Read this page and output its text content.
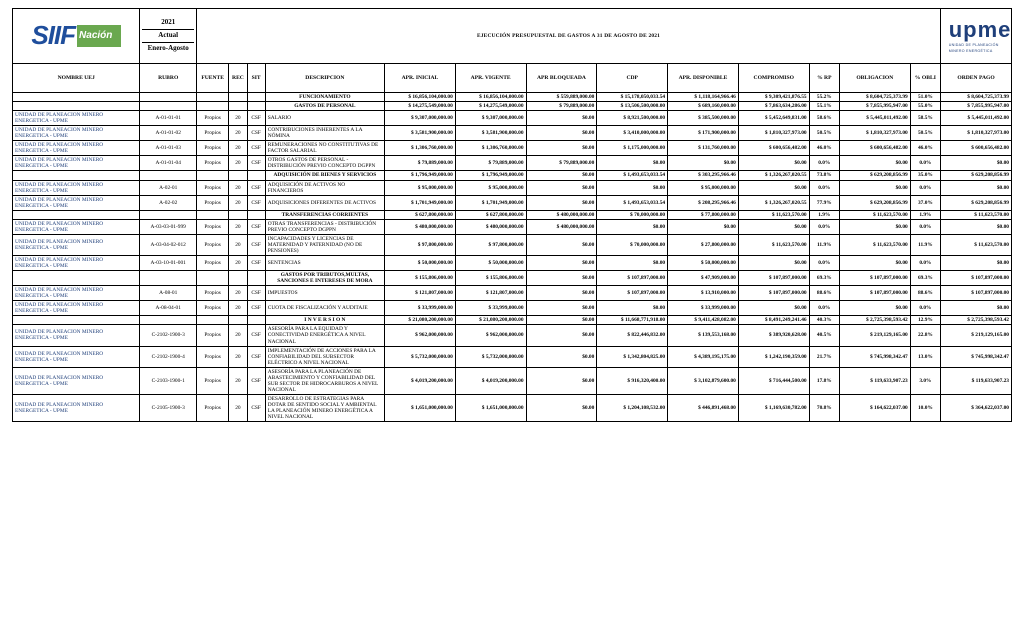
SIIF Nación

2021
Actual
Enero-Agosto
	EJECUCIÓN PRESUPUESTAL DE GASTOS A 31 DE AGOSTO DE 2021	upme
UNIDAD DE PLANEACIÓN MINERO ENERGÉTICA

NOMBRE UEJ	RUBRO	FUENTE	REC	SIT	DESCRIPCION	APR. INICIAL	APR. VIGENTE	APR BLOQUEADA	CDP	APR. DISPONIBLE	COMPROMISO	% RP	OBLIGACION	% OBLI	ORDEN PAGO
					FUNCIONAMIENTO	$ 16,856,104,000.00	$ 16,856,104,000.00	$ 559,889,000.00	$ 15,178,050,033.54	$ 1,118,164,966.46	$ 9,309,421,876.55	55.2%	$ 8,604,725,373.99	51.0%	$ 8,604,725,373.99
					GASTOS DE PERSONAL	$ 14,275,549,000.00	$ 14,275,549,000.00	$ 79,889,000.00	$ 13,506,500,000.00	$ 689,160,000.00	$ 7,863,634,286.00	55.1%	$ 7,855,995,947.00	55.0%	$ 7,855,995,947.00
UNIDAD DE PLANEACION MINERO ENERGETICA - UPME	A-01-01-01	Propios	20	CSF	SALARIO	$ 9,307,000,000.00	$ 9,307,000,000.00	$0.00	$ 8,921,500,000.00	$ 385,500,000.00	$ 5,452,649,831.00	58.6%	$ 5,445,011,492.00	58.5%	$ 5,445,011,492.00
UNIDAD DE PLANEACION MINERO ENERGETICA - UPME	A-01-01-02	Propios	20	CSF	CONTRIBUCIONES INHERENTES A LA NÓMINA	$ 3,581,900,000.00	$ 3,581,900,000.00	$0.00	$ 3,410,000,000.00	$ 171,900,000.00	$ 1,810,327,973.00	50.5%	$ 1,810,327,973.00	50.5%	$ 1,810,327,973.00
UNIDAD DE PLANEACION MINERO ENERGETICA - UPME	A-01-01-03	Propios	20	CSF	REMUNERACIONES NO CONSTITUTIVAS DE FACTOR SALARIAL	$ 1,306,760,000.00	$ 1,306,760,000.00	$0.00	$ 1,175,000,000.00	$ 131,760,000.00	$ 600,656,482.00	46.0%	$ 600,656,482.00	46.0%	$ 600,656,482.00
UNIDAD DE PLANEACION MINERO ENERGETICA - UPME	A-01-01-04	Propios	20	CSF	OTROS GASTOS DE PERSONAL - DISTRIBUCIÓN PREVIO CONCEPTO DGPPN	$ 79,889,000.00	$ 79,889,000.00	$ 79,889,000.00	$0.00	$0.00	$0.00	0.0%	$0.00	0.0%	$0.00
					ADQUISICIÓN DE BIENES Y SERVICIOS	$ 1,796,949,000.00	$ 1,796,949,000.00	$0.00	$ 1,493,653,033.54	$ 303,295,966.46	$ 1,326,267,020.55	73.8%	$ 629,208,856.99	35.0%	$ 629,208,856.99
UNIDAD DE PLANEACION MINERO ENERGETICA - UPME	A-02-01	Propios	20	CSF	ADQUISICIÓN DE ACTIVOS NO FINANCIEROS	$ 95,000,000.00	$ 95,000,000.00	$0.00	$0.00	$ 95,000,000.00	$0.00	0.0%	$0.00	0.0%	$0.00
UNIDAD DE PLANEACION MINERO ENERGETICA - UPME	A-02-02	Propios	20	CSF	ADQUISICIONES DIFERENTES DE ACTIVOS	$ 1,701,949,000.00	$ 1,701,949,000.00	$0.00	$ 1,493,653,033.54	$ 208,295,966.46	$ 1,326,267,020.55	77.9%	$ 629,208,856.99	37.0%	$ 629,208,856.99
					TRANSFERENCIAS CORRIENTES	$ 627,800,000.00	$ 627,800,000.00	$ 480,000,000.00	$ 70,000,000.00	$ 77,800,000.00	$ 11,623,570.00	1.9%	$ 11,623,570.00	1.9%	$ 11,623,570.00
UNIDAD DE PLANEACION MINERO ENERGETICA - UPME	A-03-03-01-999	Propios	20	CSF	OTRAS TRANSFERENCIAS - DISTRIBUCIÓN PREVIO CONCEPTO DGPPN	$ 480,000,000.00	$ 480,000,000.00	$ 480,000,000.00	$0.00	$0.00	$0.00	0.0%	$0.00	0.0%	$0.00
UNIDAD DE PLANEACION MINERO ENERGETICA - UPME	A-03-04-02-012	Propios	20	CSF	INCAPACIDADES Y LICENCIAS DE MATERNIDAD Y PATERNIDAD (NO DE PENSIONES)	$ 97,800,000.00	$ 97,800,000.00	$0.00	$ 70,000,000.00	$ 27,800,000.00	$ 11,623,570.00	11.9%	$ 11,623,570.00	11.9%	$ 11,623,570.00
UNIDAD DE PLANEACION MINERO ENERGETICA - UPME	A-03-10-01-001	Propios	20	CSF	SENTENCIAS	$ 50,000,000.00	$ 50,000,000.00	$0.00	$0.00	$ 50,000,000.00	$0.00	0.0%	$0.00	0.0%	$0.00
					GASTOS POR TRIBUTOS,MULTAS, SANCIONES E INTERESES DE MORA	$ 155,806,000.00	$ 155,806,000.00	$0.00	$ 107,897,000.00	$ 47,909,000.00	$ 107,897,000.00	69.3%	$ 107,897,000.00	69.3%	$ 107,897,000.00
UNIDAD DE PLANEACION MINERO ENERGETICA - UPME	A-08-01	Propios	20	CSF	IMPUESTOS	$ 121,807,000.00	$ 121,807,000.00	$0.00	$ 107,897,000.00	$ 13,910,000.00	$ 107,897,000.00	88.6%	$ 107,897,000.00	88.6%	$ 107,897,000.00
UNIDAD DE PLANEACION MINERO ENERGETICA - UPME	A-08-04-01	Propios	20	CSF	CUOTA DE FISCALIZACIÓN Y AUDITAJE	$ 33,999,000.00	$ 33,999,000.00	$0.00	$0.00	$ 33,999,000.00	$0.00	0.0%	$0.00	0.0%	$0.00
					I N V E R S I O N	$ 21,080,200,000.00	$ 21,080,200,000.00	$0.00	$ 11,668,771,918.00	$ 9,411,428,082.00	$ 8,491,249,241.46	40.3%	$ 2,725,398,593.42	12.9%	$ 2,725,398,593.42
UNIDAD DE PLANEACION MINERO ENERGETICA - UPME	C-2102-1900-3	Propios	20	CSF	ASESORÍA PARA LA EQUIDAD Y CONECTIVIDAD ENERGÉTICA A NIVEL NACIONAL	$ 962,000,000.00	$ 962,000,000.00	$0.00	$ 822,446,832.00	$ 139,553,168.00	$ 389,920,628.00	40.5%	$ 219,129,165.00	22.8%	$ 219,129,165.00
UNIDAD DE PLANEACION MINERO ENERGETICA - UPME	C-2102-1900-4	Propios	20	CSF	IMPLEMENTACIÓN DE ACCIONES PARA LA CONFIABILIDAD DEL SUBSECTOR ELÉCTRICO A NIVEL NACIONAL	$ 5,732,000,000.00	$ 5,732,000,000.00	$0.00	$ 1,342,804,825.00	$ 4,389,195,175.00	$ 1,242,190,359.00	21.7%	$ 745,998,342.47	13.0%	$ 745,998,342.47
UNIDAD DE PLANEACION MINERO ENERGETICA - UPME	C-2103-1900-1	Propios	20	CSF	ASESORÍA PARA LA PLANEACIÓN DE ABASTECIMIENTO Y CONFIABILIDAD DEL SUB SECTOR DE HIDROCARBUROS A NIVEL NACIONAL	$ 4,019,200,000.00	$ 4,019,200,000.00	$0.00	$ 916,320,400.00	$ 3,102,879,600.00	$ 716,444,500.00	17.8%	$ 119,633,907.23	3.0%	$ 119,633,907.23
UNIDAD DE PLANEACION MINERO ENERGETICA - UPME	C-2105-1900-3	Propios	20	CSF	DESARROLLO DE ESTRATEGIAS PARA DOTAR DE SENTIDO SOCIAL Y AMBIENTAL LA PLANEACIÓN MINERO ENERGÉTICA A NIVEL NACIONAL	$ 1,651,000,000.00	$ 1,651,000,000.00	$0.00	$ 1,204,108,532.00	$ 446,891,468.00	$ 1,169,630,782.00	70.8%	$ 164,622,037.00	10.0%	$ 364,622,037.00
